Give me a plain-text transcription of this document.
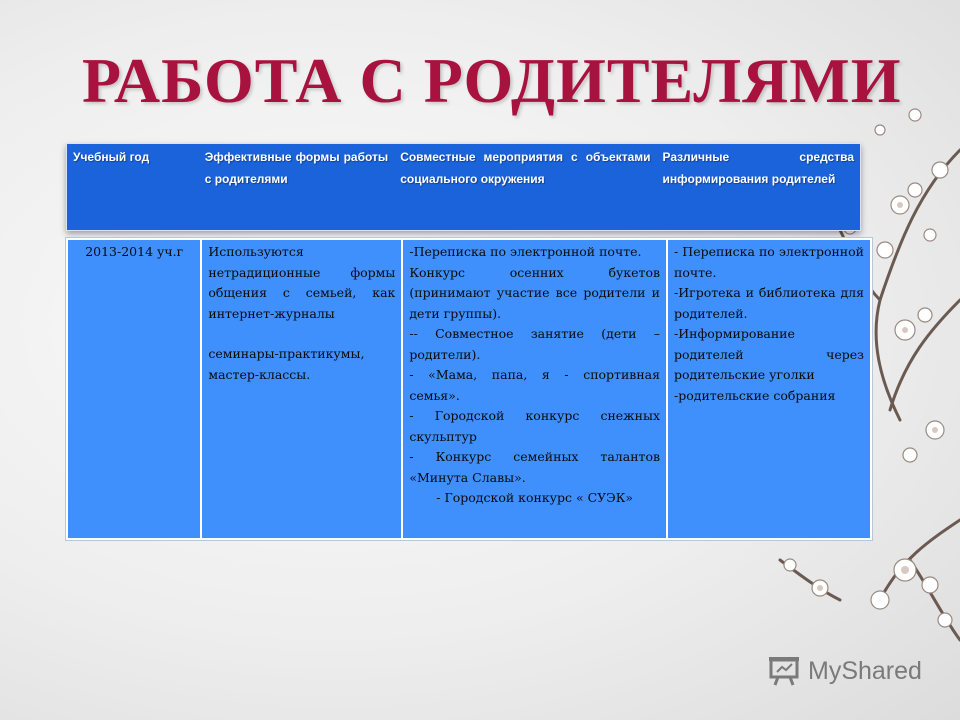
РАБОТА С РОДИТЕЛЯМИ
Учебный год	Эффективные формы работы с родителями
Совместные мероприятия с объектами социального окружения
Различные средства информирования родителей
2013-2014 уч.г	Используются нетрадиционные формы общения с семьей, как интернет-журналы
семинары-практикумы, мастер-классы.
-Переписка по электронной почте.
Конкурс осенних букетов (принимают участие все родители и дети группы).
-- Совместное занятие (дети – родители).
- «Мама, папа, я - спортивная семья».
- Городской конкурс снежных скульптур
- Конкурс семейных талантов «Минута Славы».
- Городской конкурс « СУЭК»
- Переписка по электронной почте.
-Игротека и библиотека для родителей.
-Информирование родителей через родительские уголки
-родительские собрания
MyShared
